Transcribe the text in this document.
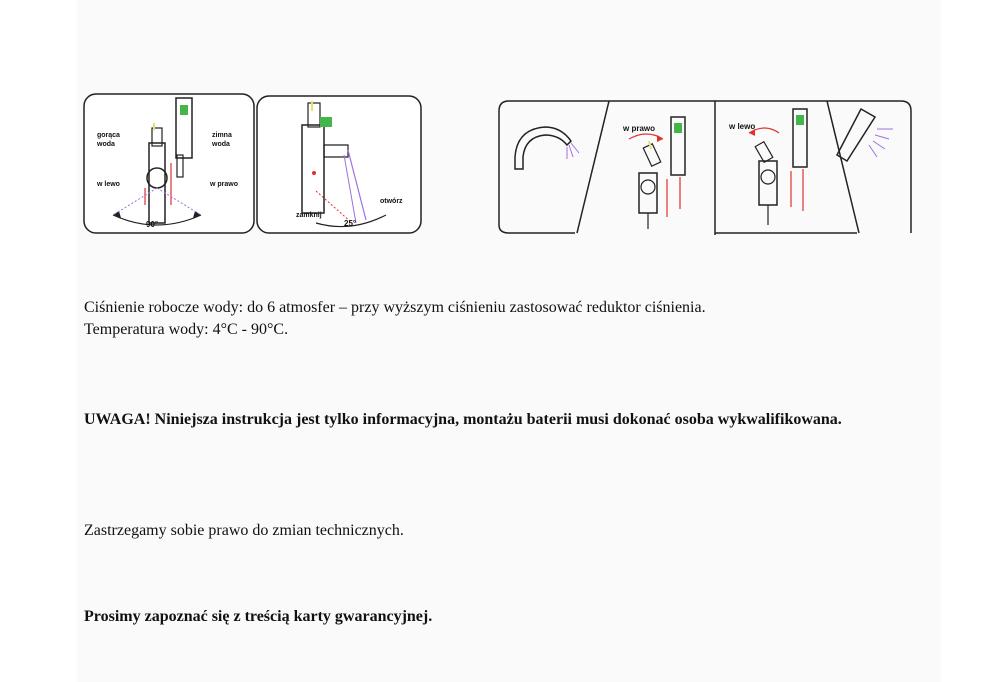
gorąca
woda
zimna
woda
w lewo	w prawo
90°
zamknij
otwórz
25°
w prawo	w lewo

Ciśnienie robocze wody: do 6 atmosfer – przy wyższym ciśnieniu zastosować reduktor ciśnienia.
Temperatura wody: 4°C - 90°C.

UWAGA! Niniejsza instrukcja jest tylko informacyjna, montażu baterii musi dokonać osoba wykwalifikowana.

Zastrzegamy sobie prawo do zmian technicznych.

Prosimy zapoznać się z treścią karty gwarancyjnej.
